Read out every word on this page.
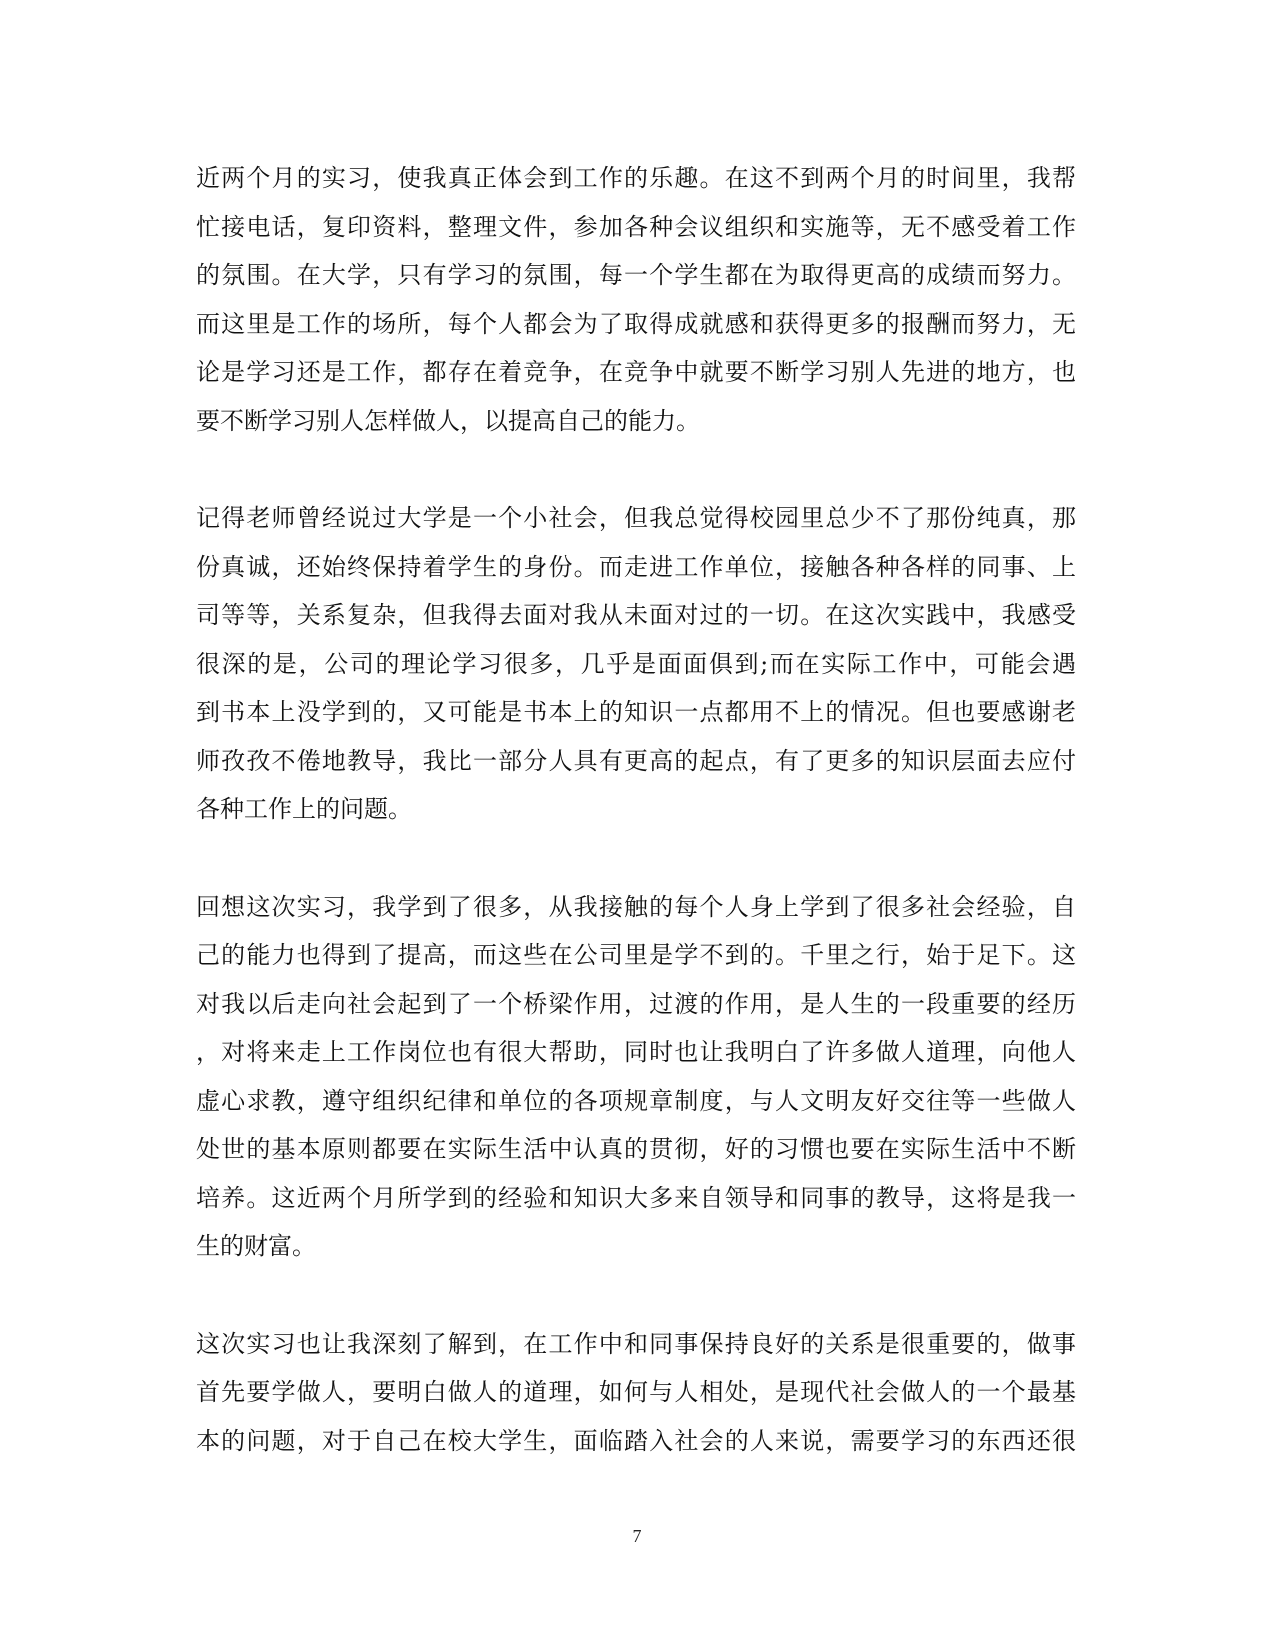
近两个月的实习，使我真正体会到工作的乐趣。在这不到两个月的时间里，我帮
忙接电话，复印资料，整理文件，参加各种会议组织和实施等，无不感受着工作
的氛围。在大学，只有学习的氛围，每一个学生都在为取得更高的成绩而努力。
而这里是工作的场所，每个人都会为了取得成就感和获得更多的报酬而努力，无
论是学习还是工作，都存在着竞争，在竞争中就要不断学习别人先进的地方，也
要不断学习别人怎样做人，以提高自己的能力。
记得老师曾经说过大学是一个小社会，但我总觉得校园里总少不了那份纯真，那
份真诚，还始终保持着学生的身份。而走进工作单位，接触各种各样的同事、上
司等等，关系复杂，但我得去面对我从未面对过的一切。在这次实践中，我感受
很深的是，公司的理论学习很多，几乎是面面俱到;而在实际工作中，可能会遇
到书本上没学到的，又可能是书本上的知识一点都用不上的情况。但也要感谢老
师孜孜不倦地教导，我比一部分人具有更高的起点，有了更多的知识层面去应付
各种工作上的问题。
回想这次实习，我学到了很多，从我接触的每个人身上学到了很多社会经验，自
己的能力也得到了提高，而这些在公司里是学不到的。千里之行，始于足下。这
对我以后走向社会起到了一个桥梁作用，过渡的作用，是人生的一段重要的经历
，对将来走上工作岗位也有很大帮助，同时也让我明白了许多做人道理，向他人
虚心求教，遵守组织纪律和单位的各项规章制度，与人文明友好交往等一些做人
处世的基本原则都要在实际生活中认真的贯彻，好的习惯也要在实际生活中不断
培养。这近两个月所学到的经验和知识大多来自领导和同事的教导，这将是我一
生的财富。
这次实习也让我深刻了解到，在工作中和同事保持良好的关系是很重要的，做事
首先要学做人，要明白做人的道理，如何与人相处，是现代社会做人的一个最基
本的问题，对于自己在校大学生，面临踏入社会的人来说，需要学习的东西还很
7
